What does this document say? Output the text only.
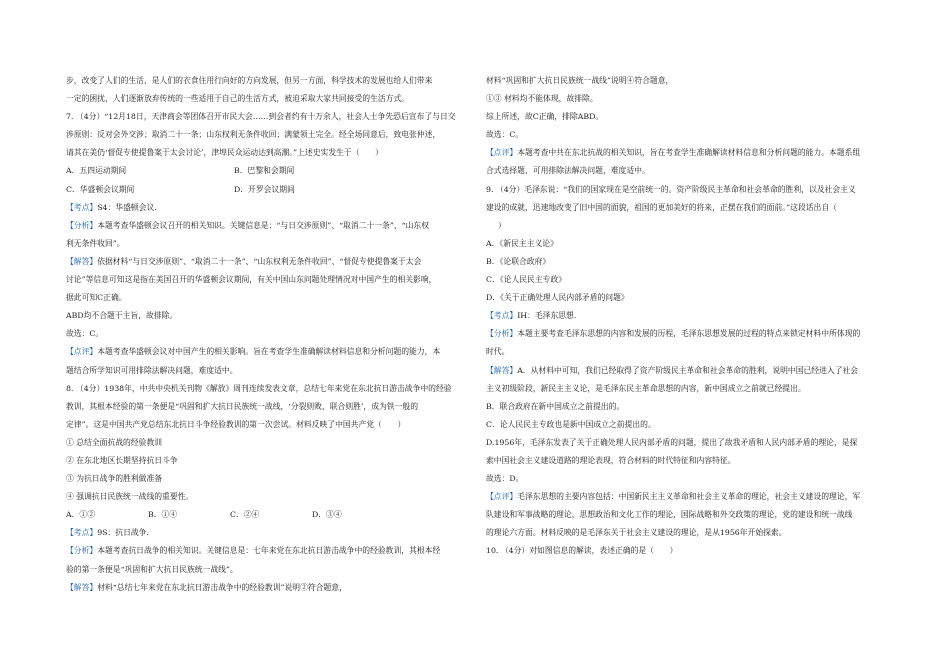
步，改变了人们的生活，是人们的衣食住用行向好的方向发展，但另一方面，科学技术的发展也给人们带来
一定的困扰，人们逐渐放弃传统的一些适用于自己的生活方式，被迫采取大家共同接受的生活方式。
7. （4分）“12月18日，天津商会等团体召开市民大会……到会者约有十万余人，社会人士争先恐后宣布了与日交
涉原则：反对会外交涉；取消二十一条；山东权利无条件收回；满蒙领土完全。经全场同意后，致电张仲述，
请其在美仍‘督促专使提鲁案于太会讨论’，津埠民众运动达到高潮。”上述史实发生于（　　）
A．五四运动期间	B．巴黎和会期间
C．华盛顿会议期间	D．开罗会议期间
【考点】S4：华盛顿会议．
【分析】本题考查华盛顿会议召开的相关知识。关键信息是：“与日交涉原则”、“取消二十一条”、“山东权
利无条件收回”。
【解答】依据材料“与日交涉原则”、“取消二十一条”、“山东权利无条件收回”、“督促专使提鲁案于太会
讨论”等信息可知这是指在美国召开的华盛顿会议期间，有关中国山东问题处理情况对中国产生的相关影响，
据此可知C正确。
ABD均不合题干主旨，故排除。
故选：C。
【点评】本题考查华盛顿会议对中国产生的相关影响。旨在考查学生准确解读材料信息和分析问题的能力，本
题结合所学知识可用排除法解决问题，难度适中。
8. （4分）1938年，中共中央机关刊物《解放》周刊连续发表文章，总结七年来党在东北抗日游击战争中的经验
教训，其根本经验的第一条便是“巩固和扩大抗日民族统一战线，‘分裂则败，联合则胜’，成为铁一般的
定律”。这是中国共产党总结东北抗日斗争经验教训的第一次尝试。材料反映了中国共产党（　　）
① 总结全面抗战的经验教训
② 在东北地区长期坚持抗日斗争
③ 为抗日战争的胜利做准备
④ 强调抗日民族统一战线的重要性。
A．①②	B．①④	C．②④	D．③④
【考点】9S：抗日战争．
【分析】本题考查抗日战争的相关知识。关键信息是：七年来党在东北抗日游击战争中的经验教训，其根本经
验的第一条便是“巩固和扩大抗日民族统一战线”。
【解答】材料“总结七年来党在东北抗日游击战争中的经验教训”说明②符合题意，
材料“巩固和扩大抗日民族统一战线”说明④符合题意，
①③ 材料均不能体现，故排除。
综上所述，故C正确，排除ABD。
故选：C。
【点评】本题考查中共在东北抗战的相关知识，旨在考查学生准确解读材料信息和分析问题的能力。本题系组
合式选择题，可用排除法解决问题，难度适中。
9. （4分）毛泽东说：“我们的国家现在是空前统一的。资产阶级民主革命和社会革命的胜利，以及社会主义
建设的成就，迅速地改变了旧中国的面貌，祖国的更加美好的将来，正摆在我们的面前。”这段话出自（
）
A．《新民主主义论》
B．《论联合政府》
C．《论人民民主专政》
D．《关于正确处理人民内部矛盾的问题》
【考点】IH：毛泽东思想．
【分析】本题主要考查毛泽东思想的内容和发展的历程，毛泽东思想发展的过程的特点来锁定材料中所体现的
时代。
【解答】A．从材料中可知，我们已经取得了资产阶级民主革命和社会革命的胜利，说明中国已经进入了社会
主义初级阶段，新民主主义论，是毛泽东民主革命思想的内容，新中国成立之前就已经提出。
B．联合政府在新中国成立之前提出的。
C．论人民民主专政也是新中国成立之前提出的。
D.1956年，毛泽东发表了关于正确处理人民内部矛盾的问题，提出了敌我矛盾和人民内部矛盾的理论，是探
索中国社会主义建设道路的理论表现，符合材料的时代特征和内容特征。
故选：D。
【点评】毛泽东思想的主要内容包括：中国新民主主义革命和社会主义革命的理论，社会主义建设的理论，军
队建设和军事战略的理论，思想政治和文化工作的理论，国际战略和外交政策的理论，党的建设和统一战线
的理论六方面。材料反映的是毛泽东关于社会主义建设的理论，是从1956年开始探索。
10. （4分）对如图信息的解读，表述正确的是（　　）
